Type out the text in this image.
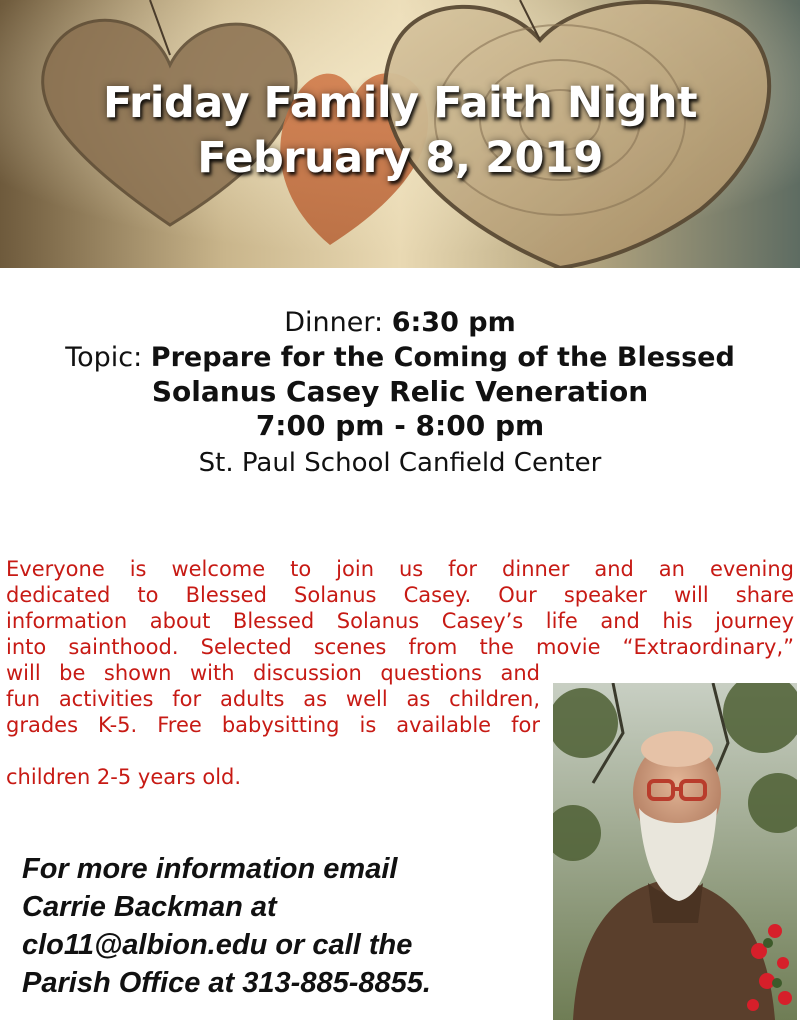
Friday Family Faith Night
February 8, 2019
Dinner: 6:30 pm
Topic: Prepare for the Coming of the Blessed
Solanus Casey Relic Veneration
7:00 pm - 8:00 pm
St. Paul School Canfield Center
Everyone is welcome to join us for dinner and an evening
dedicated to Blessed Solanus Casey. Our speaker will share
information about Blessed Solanus Casey’s life and his journey
into sainthood. Selected scenes from the movie “Extraordinary,”
will be shown with discussion questions and
fun activities for adults as well as children,
grades K-5. Free babysitting is available for
children 2-5 years old.
For more information email
Carrie Backman at
clo11@albion.edu or call the
Parish Office at 313-885-8855.
